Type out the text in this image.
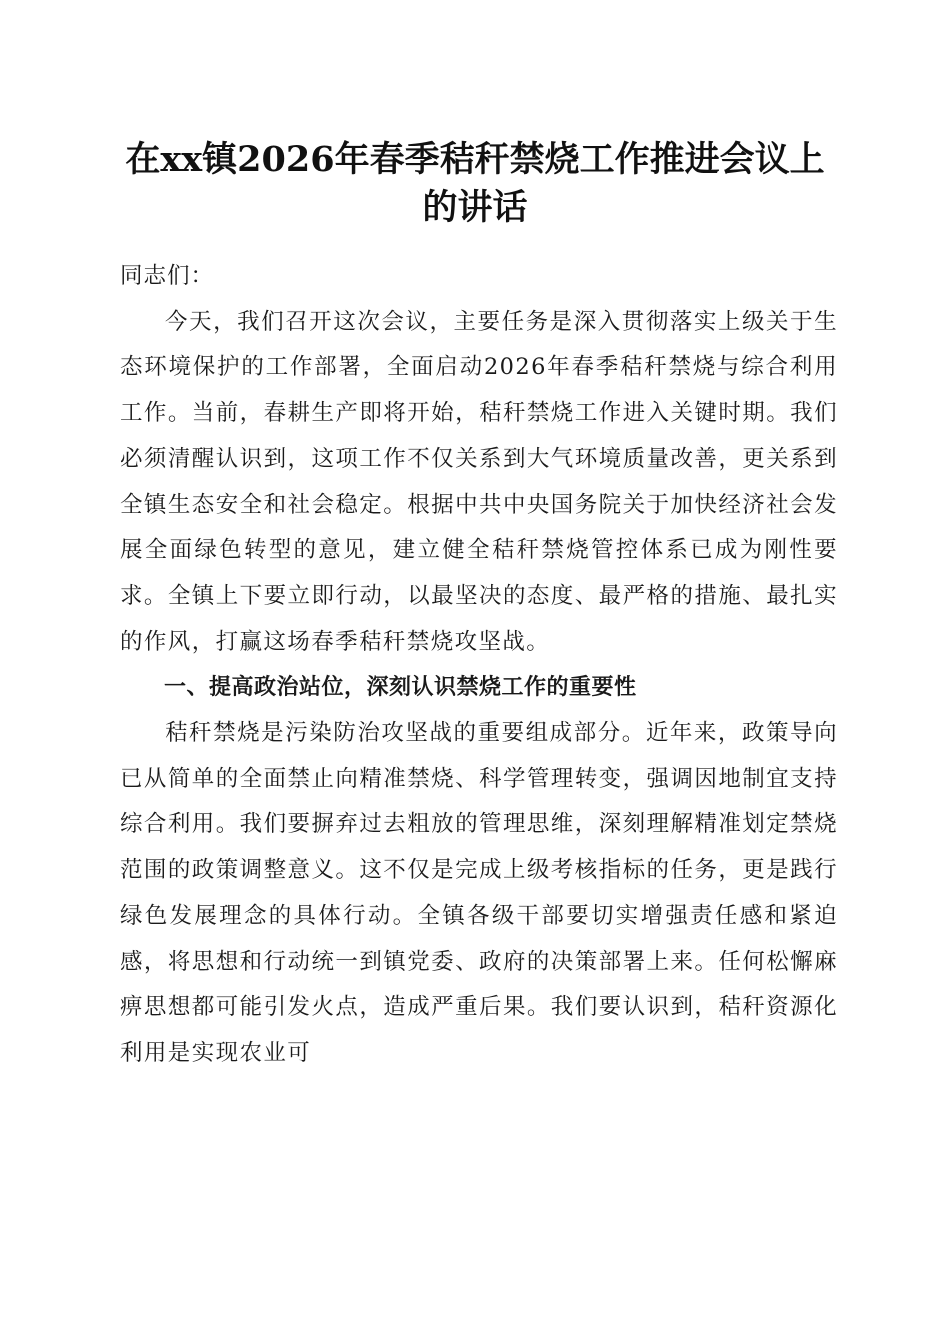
在xx镇2026年春季秸秆禁烧工作推进会议上
的讲话

同志们：

今天，我们召开这次会议，主要任务是深入贯彻落实上级关于生态环境保护的工作部署，全面启动2026年春季秸秆禁烧与综合利用工作。当前，春耕生产即将开始，秸秆禁烧工作进入关键时期。我们必须清醒认识到，这项工作不仅关系到大气环境质量改善，更关系到全镇生态安全和社会稳定。根据中共中央国务院关于加快经济社会发展全面绿色转型的意见，建立健全秸秆禁烧管控体系已成为刚性要求。全镇上下要立即行动，以最坚决的态度、最严格的措施、最扎实的作风，打赢这场春季秸秆禁烧攻坚战。

一、提高政治站位，深刻认识禁烧工作的重要性

秸秆禁烧是污染防治攻坚战的重要组成部分。近年来，政策导向已从简单的全面禁止向精准禁烧、科学管理转变，强调因地制宜支持综合利用。我们要摒弃过去粗放的管理思维，深刻理解精准划定禁烧范围的政策调整意义。这不仅是完成上级考核指标的任务，更是践行绿色发展理念的具体行动。全镇各级干部要切实增强责任感和紧迫感，将思想和行动统一到镇党委、政府的决策部署上来。任何松懈麻痹思想都可能引发火点，造成严重后果。我们要认识到，秸秆资源化利用是实现农业可
